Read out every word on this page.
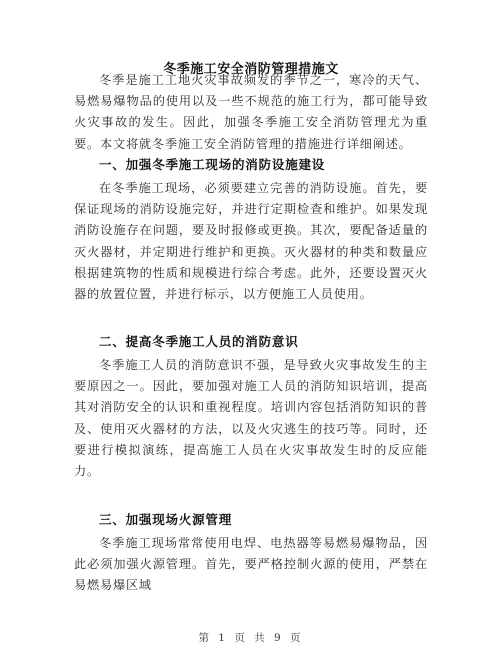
冬季施工安全消防管理措施文
冬季是施工工地火灾事故频发的季节之一，寒冷的天气、易燃易爆物品的使用以及一些不规范的施工行为，都可能导致火灾事故的发生。因此，加强冬季施工安全消防管理尤为重要。本文将就冬季施工安全消防管理的措施进行详细阐述。
一、加强冬季施工现场的消防设施建设
在冬季施工现场，必须要建立完善的消防设施。首先，要保证现场的消防设施完好，并进行定期检查和维护。如果发现消防设施存在问题，要及时报修或更换。其次，要配备适量的灭火器材，并定期进行维护和更换。灭火器材的种类和数量应根据建筑物的性质和规模进行综合考虑。此外，还要设置灭火器的放置位置，并进行标示，以方便施工人员使用。
二、提高冬季施工人员的消防意识
冬季施工人员的消防意识不强，是导致火灾事故发生的主要原因之一。因此，要加强对施工人员的消防知识培训，提高其对消防安全的认识和重视程度。培训内容包括消防知识的普及、使用灭火器材的方法，以及火灾逃生的技巧等。同时，还要进行模拟演练，提高施工人员在火灾事故发生时的反应能力。
三、加强现场火源管理
冬季施工现场常常使用电焊、电热器等易燃易爆物品，因此必须加强火源管理。首先，要严格控制火源的使用，严禁在易燃易爆区域
第 1 页 共 9 页
